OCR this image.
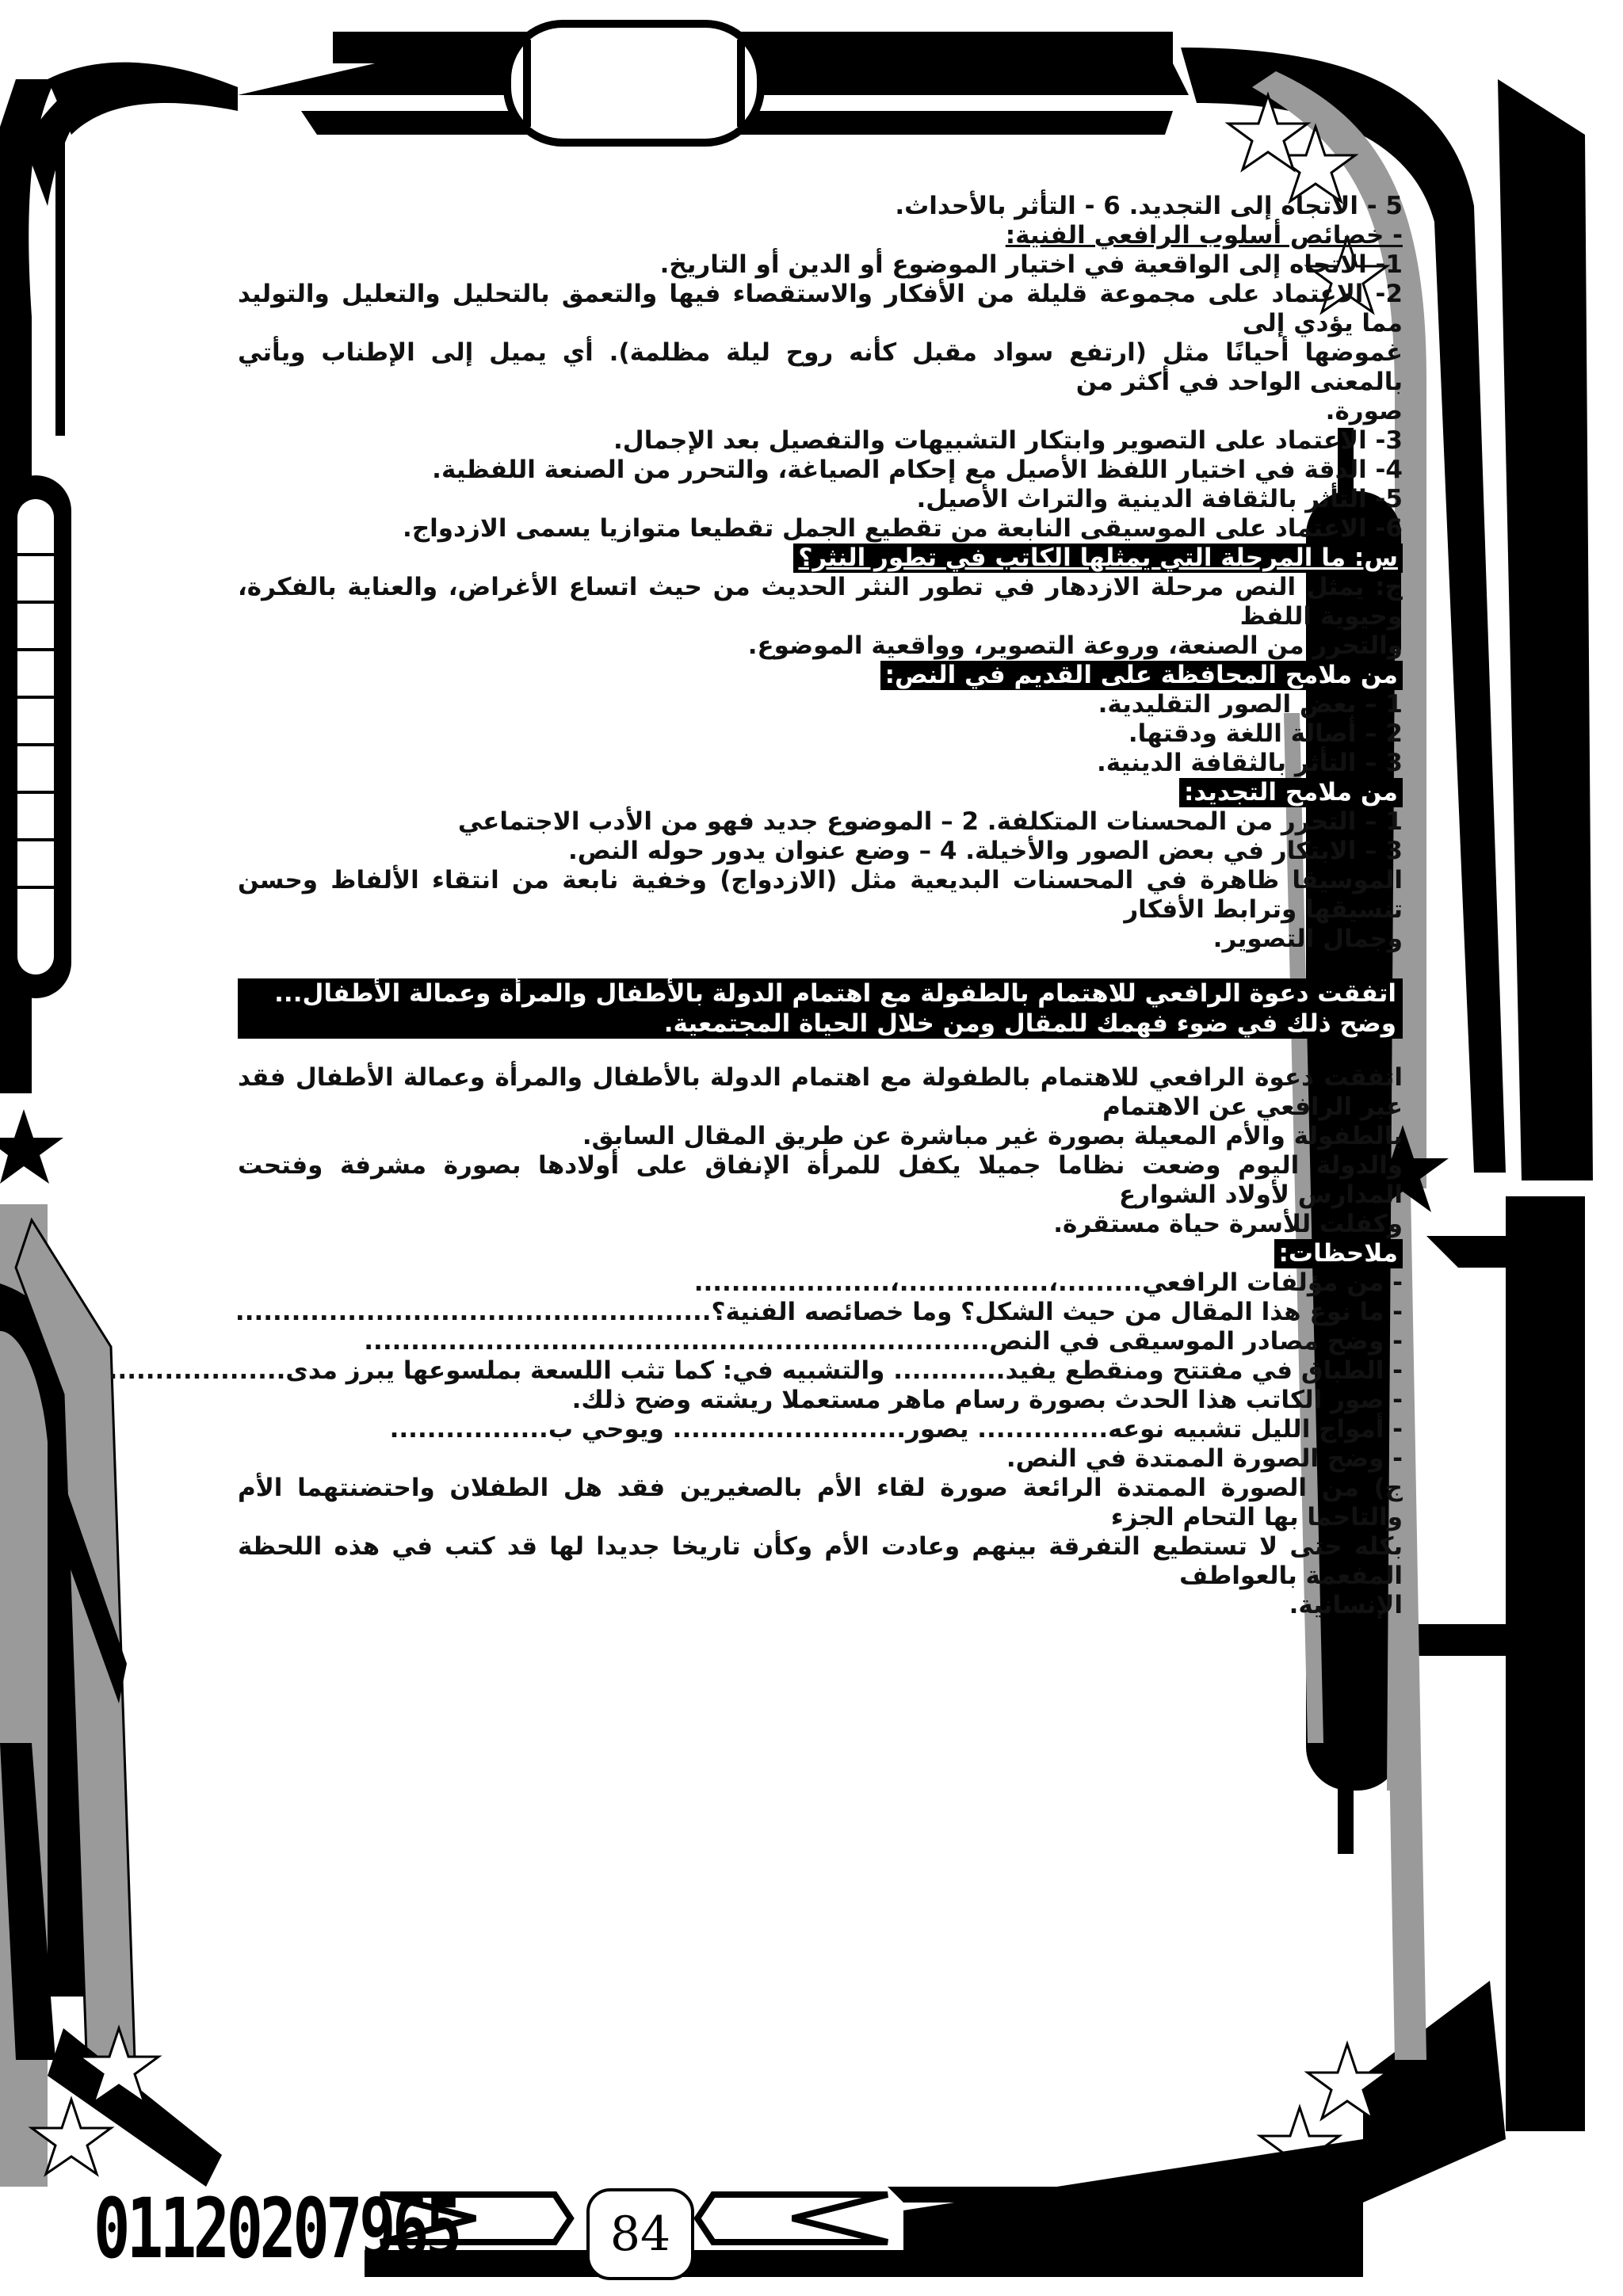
01120207965	84

5 - الاتجاه إلى التجديد. 6 - التأثر بالأحداث.

- خصائص أسلوب الرافعي الفنية:

1- الاتجاه إلى الواقعية في اختيار الموضوع أو الدين أو التاريخ.

2- الاعتماد على مجموعة قليلة من الأفكار والاستقصاء فيها والتعمق بالتحليل والتعليل والتوليد مما يؤدي إلى

غموضها أحيانًا مثل (ارتفع سواد مقبل كأنه روح ليلة مظلمة). أي يميل إلى الإطناب ويأتي بالمعنى الواحد في أكثر من

صورة.

3- الاعتماد على التصوير وابتكار التشبيهات والتفصيل بعد الإجمال.

4- الدقة في اختيار اللفظ الأصيل مع إحكام الصياغة، والتحرر من الصنعة اللفظية.

5- التأثر بالثقافة الدينية والتراث الأصيل.

6- الاعتماد على الموسيقى النابعة من تقطيع الجمل تقطيعا متوازيا يسمى الازدواج.

س: ما المرحلة التي يمثلها الكاتب في تطور النثر؟

ج: يمثل النص مرحلة الازدهار في تطور النثر الحديث من حيث اتساع الأغراض، والعناية بالفكرة، وحيوية اللفظ

والتحرر من الصنعة، وروعة التصوير، وواقعية الموضوع.

من ملامح المحافظة على القديم في النص:

1 – بعض الصور التقليدية.

2 – أصالة اللغة ودقتها.

3 – التأثر بالثقافة الدينية.

من ملامح التجديد:

1 – التحرر من المحسنات المتكلفة. 2 – الموضوع جديد فهو من الأدب الاجتماعي

3 – الابتكار في بعض الصور والأخيلة. 4 – وضع عنوان يدور حوله النص.

الموسيقا ظاهرة في المحسنات البديعية مثل (الازدواج) وخفية نابعة من انتقاء الألفاظ وحسن تنسيقها وترابط الأفكار

وجمال التصوير.

اتفقت دعوة الرافعي للاهتمام بالطفولة مع اهتمام الدولة بالأطفال والمرأة وعمالة الأطفال... وضح ذلك في ضوء فهمك للمقال ومن خلال الحياة المجتمعية.

اتفقت دعوة الرافعي للاهتمام بالطفولة مع اهتمام الدولة بالأطفال والمرأة وعمالة الأطفال فقد عبر الرافعي عن الاهتمام

بالطفولة والأم المعيلة بصورة غير مباشرة عن طريق المقال السابق.

والدولة اليوم وضعت نظاما جميلا يكفل للمرأة الإنفاق على أولادها بصورة مشرفة وفتحت المدارس لأولاد الشوارع

وكفلت للأسرة حياة مستقرة.

ملاحظات:

- من مؤلفات الرافعي.........،................،.....................

- ما نوع هذا المقال من حيث الشكل؟ وما خصائصه الفنية؟...................................................

- وضح مصادر الموسيقى في النص...................................................................

- الطباق في مفتتح ومنقطع يفيد............ والتشبيه في: كما تثب اللسعة بملسوعها يبرز مدى...................

- صور الكاتب هذا الحدث بصورة رسام ماهر مستعملا ريشته وضح ذلك.

- أمواج الليل تشبيه نوعه.............. يصور......................... ويوحي ب.................

- وضح الصورة الممتدة في النص.

ج) من الصورة الممتدة الرائعة صورة لقاء الأم بالصغيرين فقد هل الطفلان واحتضنتهما الأم والتاحما بها التحام الجزء

بكله حتى لا تستطيع التفرقة بينهم وعادت الأم وكأن تاريخا جديدا لها قد كتب في هذه اللحظة المفعمة بالعواطف

الإنسانية.
